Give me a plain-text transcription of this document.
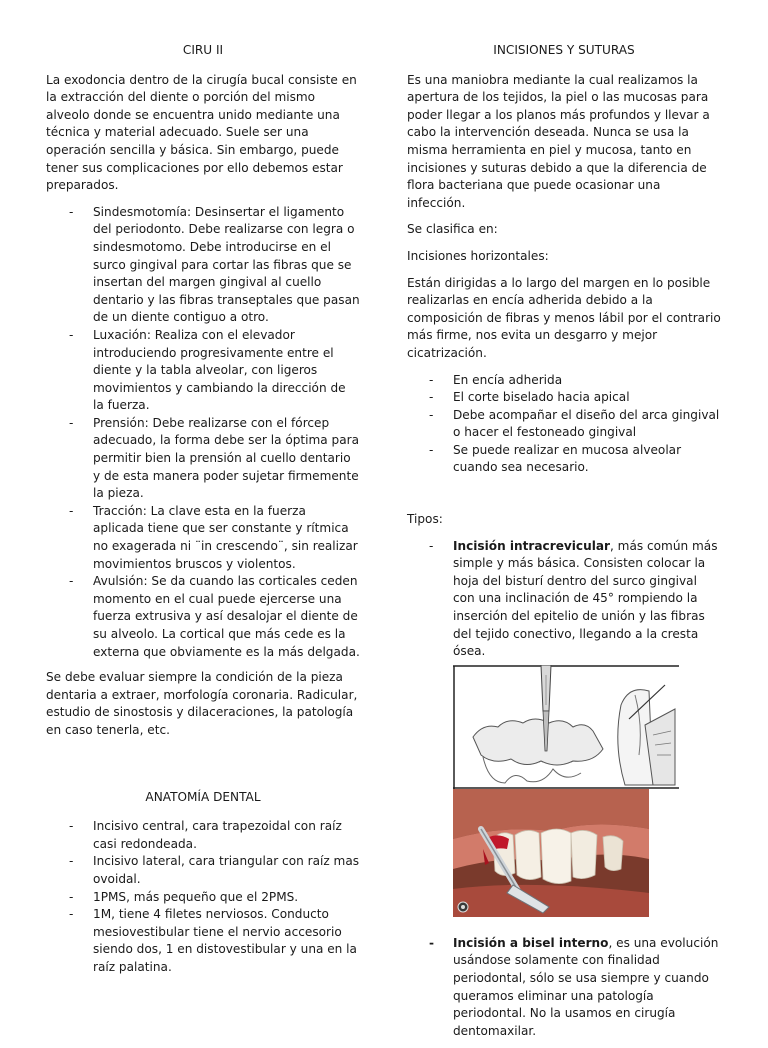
CIRU II

La exodoncia dentro de la cirugía bucal consiste en la extracción del diente o porción del mismo alveolo donde se encuentra unido mediante una técnica y material adecuado. Suele ser una operación sencilla y básica. Sin embargo, puede tener sus complicaciones por ello debemos estar preparados.

- Sindesmotomía: Desinsertar el ligamento del periodonto. Debe realizarse con legra o sindesmotomo. Debe introducirse en el surco gingival para cortar las fibras que se insertan del margen gingival al cuello dentario y las fibras transeptales que pasan de un diente contiguo a otro.
- Luxación: Realiza con el elevador introduciendo progresivamente entre el diente y la tabla alveolar, con ligeros movimientos y cambiando la dirección de la fuerza.
- Prensión: Debe realizarse con el fórcep adecuado, la forma debe ser la óptima para permitir bien la prensión al cuello dentario y de esta manera poder sujetar firmemente la pieza.
- Tracción: La clave esta en la fuerza aplicada tiene que ser constante y rítmica no exagerada ni ¨in crescendo¨, sin realizar movimientos bruscos y violentos.
- Avulsión: Se da cuando las corticales ceden momento en el cual puede ejercerse una fuerza extrusiva y así desalojar el diente de su alveolo. La cortical que más cede es la externa que obviamente es la más delgada.

Se debe evaluar siempre la condición de la pieza dentaria a extraer, morfología coronaria. Radicular, estudio de sinostosis y dilaceraciones, la patología en caso tenerla, etc.

ANATOMÍA DENTAL
- Incisivo central, cara trapezoidal con raíz casi redondeada.
- Incisivo lateral, cara triangular con raíz mas ovoidal.
- 1PMS, más pequeño que el 2PMS.
- 1M, tiene 4 filetes nerviosos. Conducto mesiovestibular tiene el nervio accesorio siendo dos, 1 en distovestibular y una en la raíz palatina.
INCISIONES Y SUTURAS

Es una maniobra mediante la cual realizamos la apertura de los tejidos, la piel o las mucosas para poder llegar a los planos más profundos y llevar a cabo la intervención deseada. Nunca se usa la misma herramienta en piel y mucosa, tanto en incisiones y suturas debido a que la diferencia de flora bacteriana que puede ocasionar una infección.

Se clasifica en:

Incisiones horizontales:

Están dirigidas a lo largo del margen en lo posible realizarlas en encía adherida debido a la composición de fibras y menos lábil por el contrario más firme, nos evita un desgarro y mejor cicatrización.

- En encía adherida
- El corte biselado hacia apical
- Debe acompañar el diseño del arca gingival o hacer el festoneado gingival
- Se puede realizar en mucosa alveolar cuando sea necesario.

Tipos:

- Incisión intracrevicular, más común más simple y más básica. Consisten colocar la hoja del bisturí dentro del surco gingival con una inclinación de 45° rompiendo la inserción del epitelio de unión y las fibras del tejido conectivo, llegando a la cresta ósea.
- Incisión a bisel interno, es una evolución usándose solamente con finalidad periodontal, sólo se usa siempre y cuando queramos eliminar una patología periodontal. No la usamos en cirugía dentomaxilar.
